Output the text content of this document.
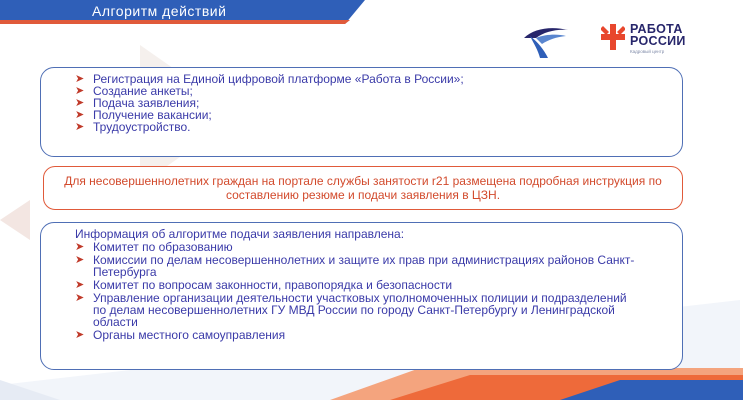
Алгоритм действий
РАБОТА
РОССИИ
Кадровый центр
➤ Регистрация на Единой цифровой платформе «Работа в России»;
➤ Создание анкеты;
➤ Подача заявления;
➤ Получение вакансии;
➤ Трудоустройство.
Для несовершеннолетних граждан на портале службы занятости r21 размещена подробная инструкция по составлению резюме и подачи заявления в ЦЗН.
Информация об алгоритме подачи заявления направлена:
➤ Комитет по образованию
➤ Комиссии по делам несовершеннолетних и защите их прав при администрациях районов Санкт-Петербурга
➤ Комитет по вопросам законности, правопорядка и безопасности
➤ Управление организации деятельности участковых уполномоченных полиции и подразделений по делам несовершеннолетних ГУ МВД России по городу Санкт-Петербургу и Ленинградской области
➤ Органы местного самоуправления
